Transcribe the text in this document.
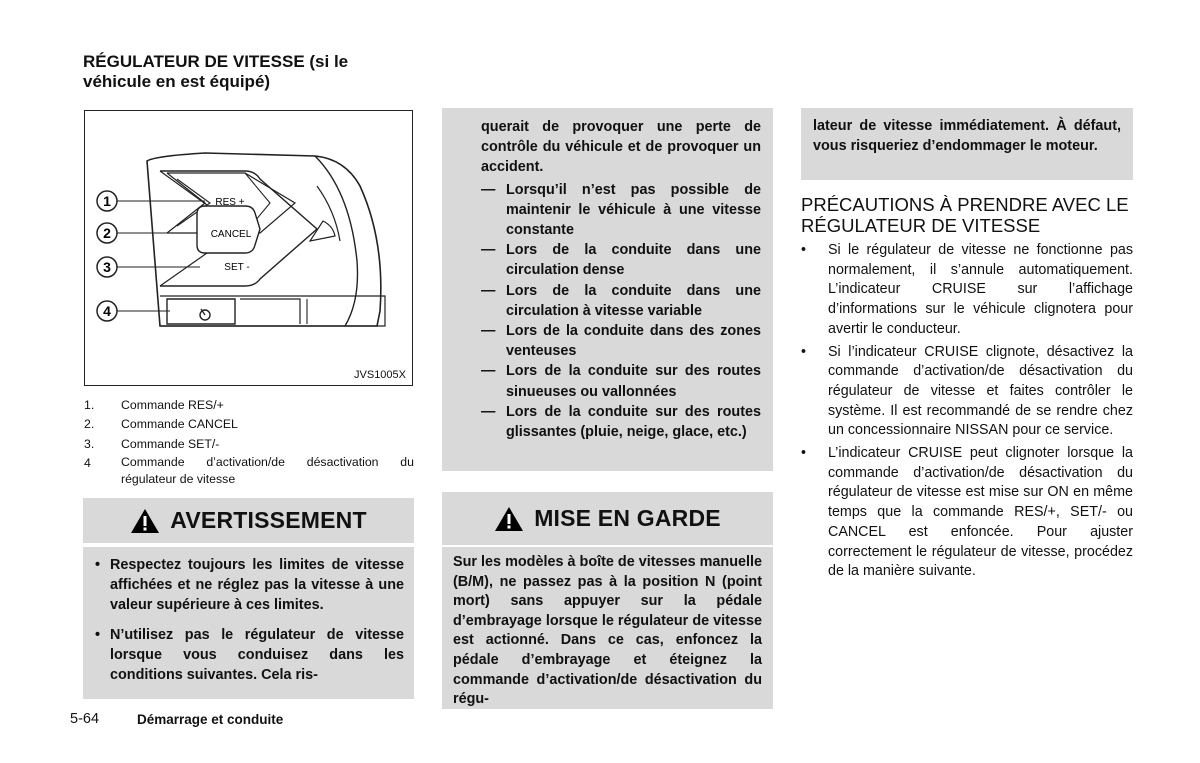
RÉGULATEUR DE VITESSE (si le véhicule en est équipé)
1
2
3
4
RES +
CANCEL
SET -
JVS1005X
1.	Commande RES/+
2.	Commande CANCEL
3.	Commande SET/-
4	Commande d’activation/de désactivation du régulateur de vitesse
AVERTISSEMENT
• Respectez toujours les limites de vitesse affichées et ne réglez pas la vitesse à une valeur supérieure à ces limites.
• N’utilisez pas le régulateur de vitesse lorsque vous conduisez dans les conditions suivantes. Cela ris-
querait de provoquer une perte de contrôle du véhicule et de provoquer un accident.
— Lorsqu’il n’est pas possible de maintenir le véhicule à une vitesse constante
— Lors de la conduite dans une circulation dense
— Lors de la conduite dans une circulation à vitesse variable
— Lors de la conduite dans des zones venteuses
— Lors de la conduite sur des routes sinueuses ou vallonnées
— Lors de la conduite sur des routes glissantes (pluie, neige, glace, etc.)
MISE EN GARDE
Sur les modèles à boîte de vitesses manuelle (B/M), ne passez pas à la position N (point mort) sans appuyer sur la pédale d’embrayage lorsque le régulateur de vitesse est actionné. Dans ce cas, enfoncez la pédale d’embrayage et éteignez la commande d’activation/de désactivation du régu-
lateur de vitesse immédiatement. À défaut, vous risqueriez d’endommager le moteur.
PRÉCAUTIONS À PRENDRE AVEC LE RÉGULATEUR DE VITESSE
•	Si le régulateur de vitesse ne fonctionne pas normalement, il s’annule automatiquement. L’indicateur CRUISE sur l’affichage d’informations sur le véhicule clignotera pour avertir le conducteur.
•	Si l’indicateur CRUISE clignote, désactivez la commande d’activation/de désactivation du régulateur de vitesse et faites contrôler le système. Il est recommandé de se rendre chez un concessionnaire NISSAN pour ce service.
•	L’indicateur CRUISE peut clignoter lorsque la commande d’activation/de désactivation du régulateur de vitesse est mise sur ON en même temps que la commande RES/+, SET/- ou CANCEL est enfoncée. Pour ajuster correctement le régulateur de vitesse, procédez de la manière suivante.
5-64	Démarrage et conduite
